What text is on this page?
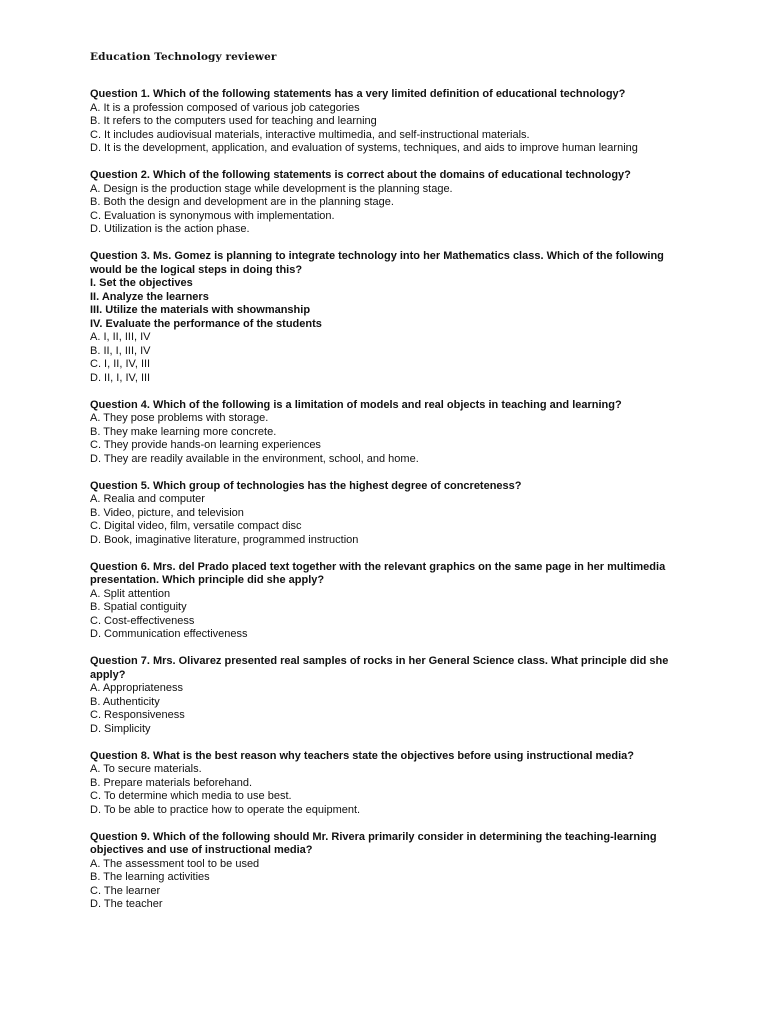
Education Technology reviewer

Question 1. Which of the following statements has a very limited definition of educational technology?

A. It is a profession composed of various job categories

B. It refers to the computers used for teaching and learning

C. It includes audiovisual materials, interactive multimedia, and self-instructional materials.

D. It is the development, application, and evaluation of systems, techniques, and aids to improve human learning

Question 2. Which of the following statements is correct about the domains of educational technology?

A. Design is the production stage while development is the planning stage.

B. Both the design and development are in the planning stage.

C. Evaluation is synonymous with implementation.

D. Utilization is the action phase.

Question 3. Ms. Gomez is planning to integrate technology into her Mathematics class. Which of the following would be the logical steps in doing this?

I. Set the objectives

II. Analyze the learners

III. Utilize the materials with showmanship

IV. Evaluate the performance of the students

A. I, II, III, IV

B. II, I, III, IV

C. I, II, IV, III

D. II, I, IV, III

Question 4. Which of the following is a limitation of models and real objects in teaching and learning?

A. They pose problems with storage.

B. They make learning more concrete.

C. They provide hands-on learning experiences

D. They are readily available in the environment, school, and home.

Question 5. Which group of technologies has the highest degree of concreteness?

A. Realia and computer

B. Video, picture, and television

C. Digital video, film, versatile compact disc

D. Book, imaginative literature, programmed instruction

Question 6. Mrs. del Prado placed text together with the relevant graphics on the same page in her multimedia presentation. Which principle did she apply?

A. Split attention

B. Spatial contiguity

C. Cost-effectiveness

D. Communication effectiveness

Question 7. Mrs. Olivarez presented real samples of rocks in her General Science class. What principle did she apply?

A. Appropriateness

B. Authenticity

C. Responsiveness

D. Simplicity

Question 8. What is the best reason why teachers state the objectives before using instructional media?

A. To secure materials.

B. Prepare materials beforehand.

C. To determine which media to use best.

D. To be able to practice how to operate the equipment.

Question 9. Which of the following should Mr. Rivera primarily consider in determining the teaching-learning objectives and use of instructional media?

A. The assessment tool to be used

B. The learning activities

C. The learner

D. The teacher
